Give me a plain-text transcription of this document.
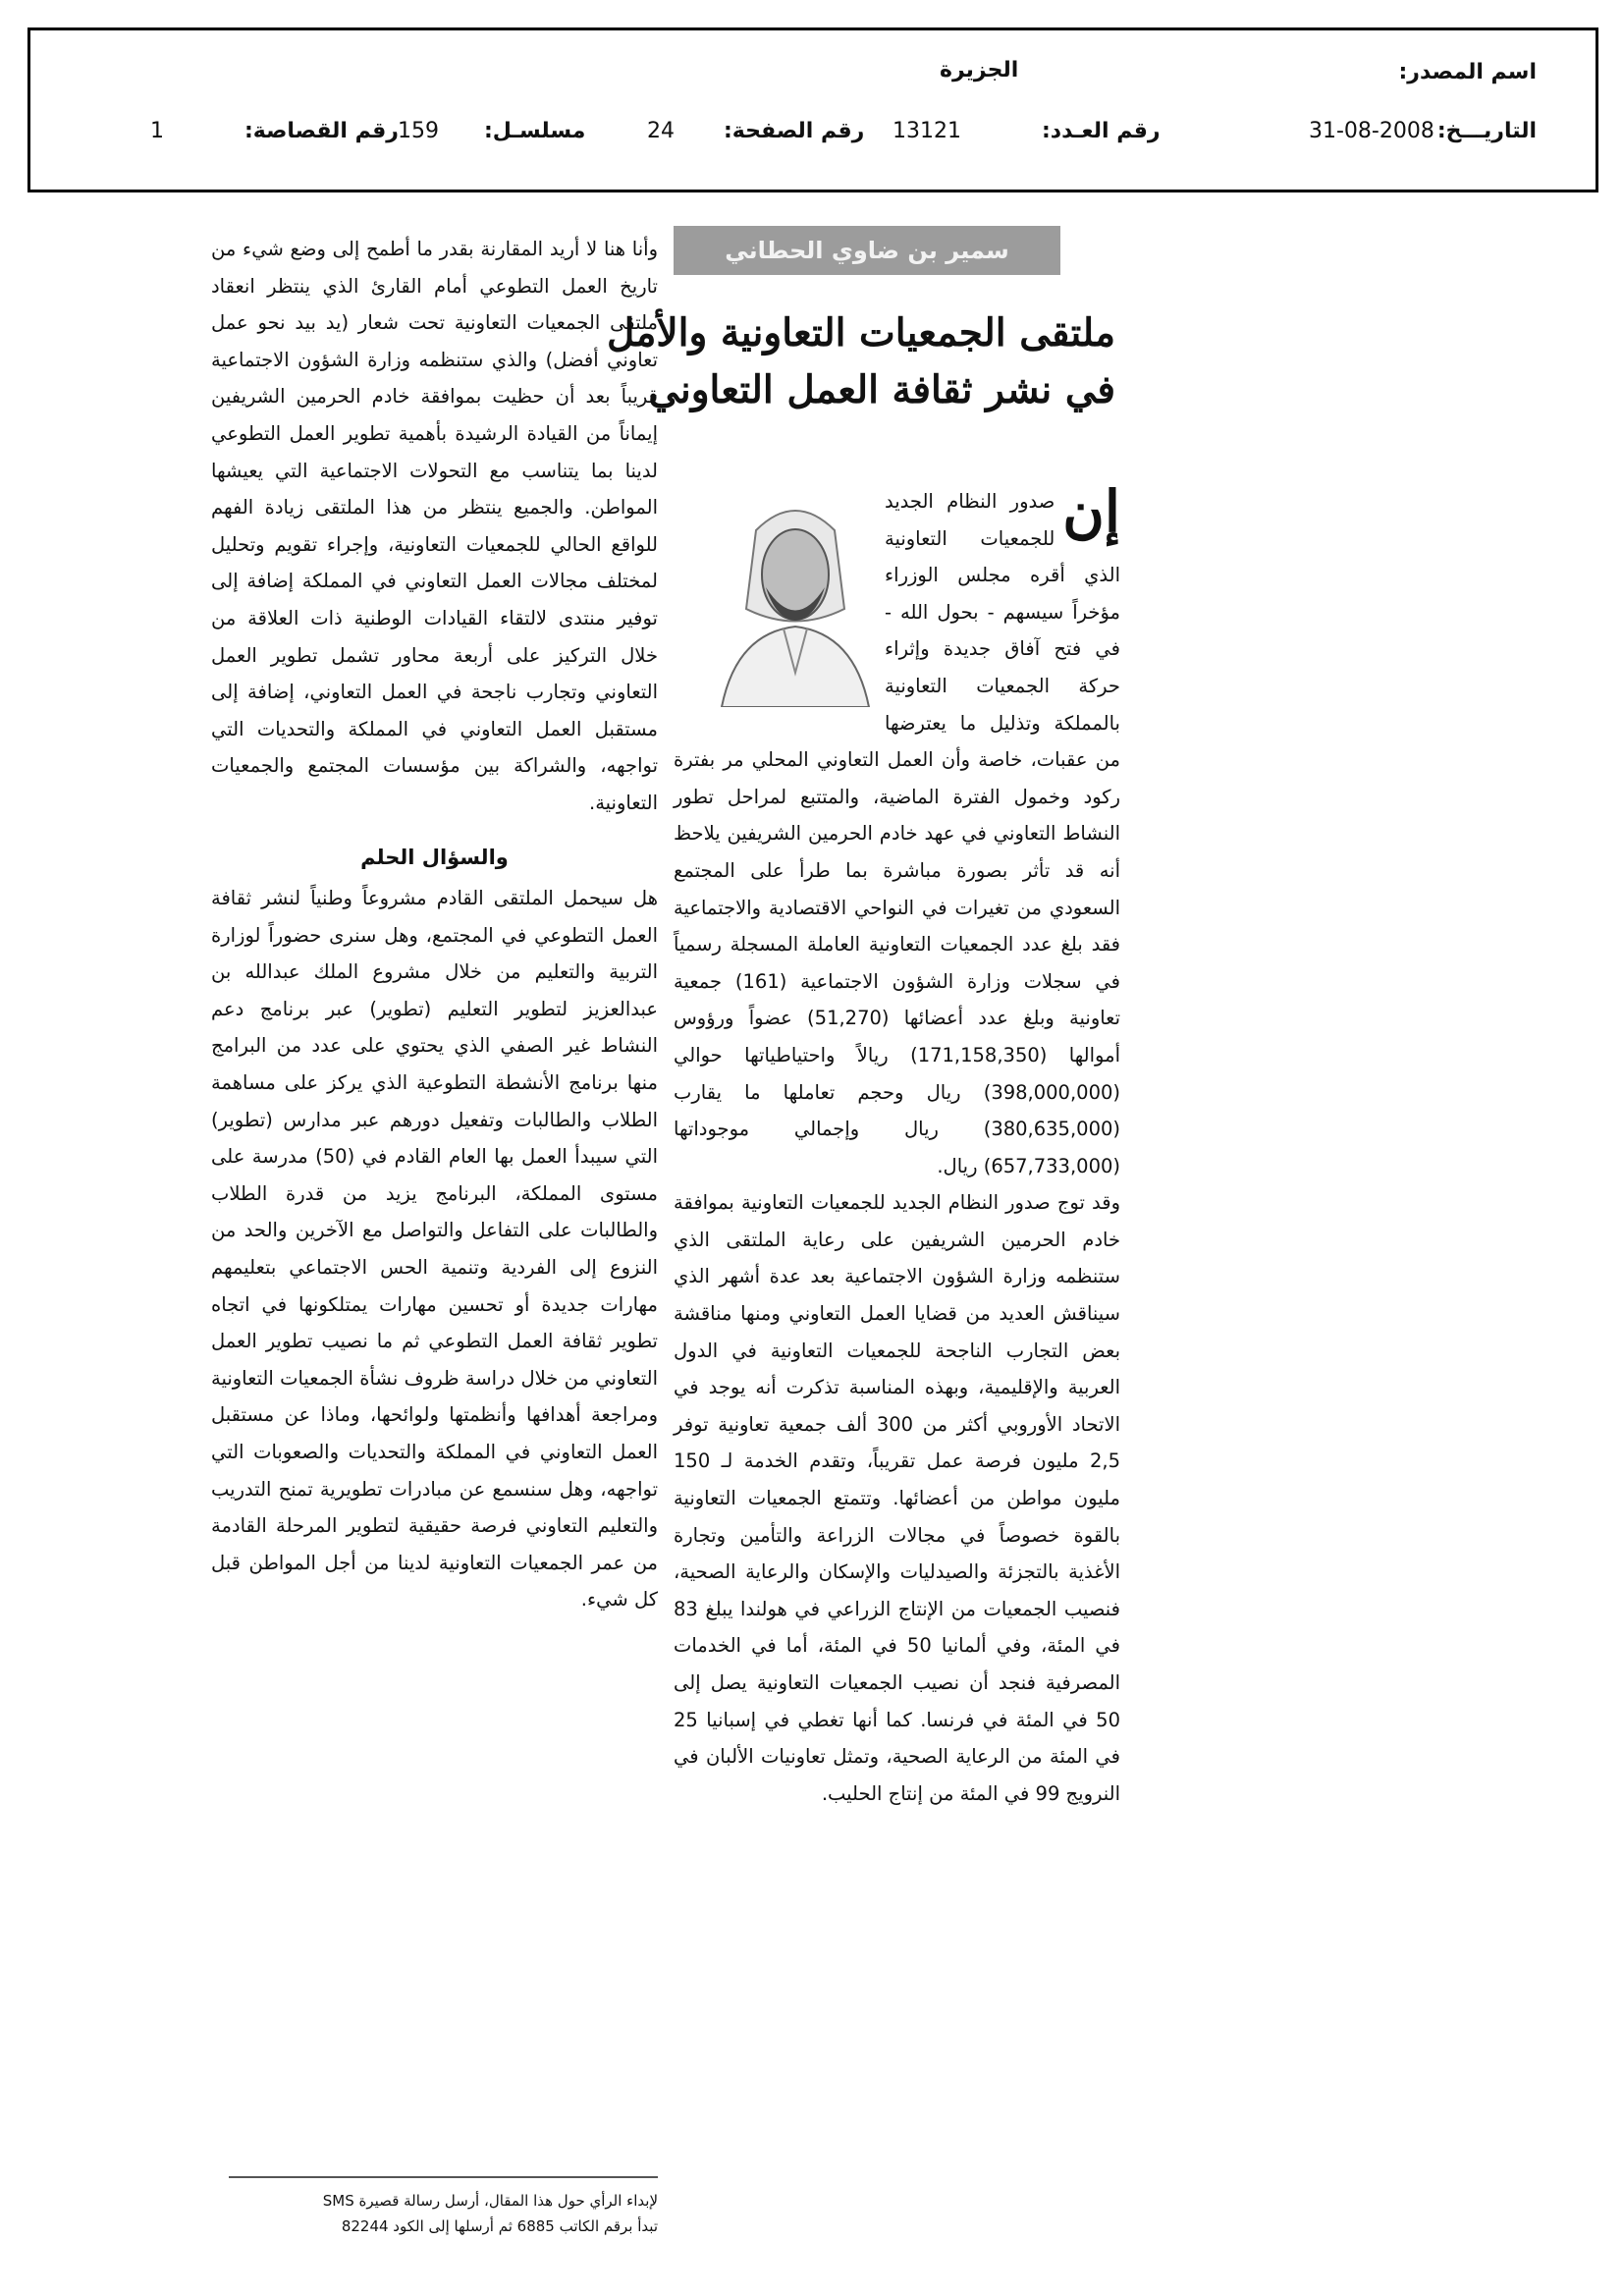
اسم المصدر:
الجزيرة
التاريـــخ:
31-08-2008
رقم العـدد:
13121
رقم الصفحة:
24
مسلسـل:
159
رقم القصاصة:
1
سمير بن ضاوي الحطاني
ملتقى الجمعيات التعاونية والأمل
في نشر ثقافة العمل التعاوني
إن

صدور النظام الجديد للجمعيات التعاونية الذي أقره مجلس الوزراء مؤخراً سيسهم - بحول الله - في فتح آفاق جديدة وإثراء حركة الجمعيات التعاونية بالمملكة وتذليل ما يعترضها من عقبات، خاصة وأن العمل التعاوني المحلي مر بفترة ركود وخمول الفترة الماضية، والمتتبع لمراحل تطور النشاط التعاوني في عهد خادم الحرمين الشريفين يلاحظ أنه قد تأثر بصورة مباشرة بما طرأ على المجتمع السعودي من تغيرات في النواحي الاقتصادية والاجتماعية فقد بلغ عدد الجمعيات التعاونية العاملة المسجلة رسمياً في سجلات وزارة الشؤون الاجتماعية (161) جمعية تعاونية وبلغ عدد أعضائها (51,270) عضواً ورؤوس أموالها (171,158,350) ريالاً واحتياطياتها حوالي (398,000,000) ريال وحجم تعاملها ما يقارب (380,635,000) ريال وإجمالي موجوداتها (657,733,000) ريال.

وقد توج صدور النظام الجديد للجمعيات التعاونية بموافقة خادم الحرمين الشريفين على رعاية الملتقى الذي ستنظمه وزارة الشؤون الاجتماعية بعد عدة أشهر الذي سيناقش العديد من قضايا العمل التعاوني ومنها مناقشة بعض التجارب الناجحة للجمعيات التعاونية في الدول العربية والإقليمية، وبهذه المناسبة تذكرت أنه يوجد في الاتحاد الأوروبي أكثر من 300 ألف جمعية تعاونية توفر 2,5 مليون فرصة عمل تقريباً، وتقدم الخدمة لـ 150 مليون مواطن من أعضائها. وتتمتع الجمعيات التعاونية بالقوة خصوصاً في مجالات الزراعة والتأمين وتجارة الأغذية بالتجزئة والصيدليات والإسكان والرعاية الصحية، فنصيب الجمعيات من الإنتاج الزراعي في هولندا يبلغ 83 في المئة، وفي ألمانيا 50 في المئة، أما في الخدمات المصرفية فنجد أن نصيب الجمعيات التعاونية يصل إلى 50 في المئة في فرنسا. كما أنها تغطي في إسبانيا 25 في المئة من الرعاية الصحية، وتمثل تعاونيات الألبان في النرويج 99 في المئة من إنتاج الحليب.

وأنا هنا لا أريد المقارنة بقدر ما أطمح إلى وضع شيء من تاريخ العمل التطوعي أمام القارئ الذي ينتظر انعقاد ملتقى الجمعيات التعاونية تحت شعار (يد بيد نحو عمل تعاوني أفضل) والذي ستنظمه وزارة الشؤون الاجتماعية قريباً بعد أن حظيت بموافقة خادم الحرمين الشريفين إيماناً من القيادة الرشيدة بأهمية تطوير العمل التطوعي لدينا بما يتناسب مع التحولات الاجتماعية التي يعيشها المواطن. والجميع ينتظر من هذا الملتقى زيادة الفهم للواقع الحالي للجمعيات التعاونية، وإجراء تقويم وتحليل لمختلف مجالات العمل التعاوني في المملكة إضافة إلى توفير منتدى لالتقاء القيادات الوطنية ذات العلاقة من خلال التركيز على أربعة محاور تشمل تطوير العمل التعاوني وتجارب ناجحة في العمل التعاوني، إضافة إلى مستقبل العمل التعاوني في المملكة والتحديات التي تواجهه، والشراكة بين مؤسسات المجتمع والجمعيات التعاونية.

والسؤال الحلم

هل سيحمل الملتقى القادم مشروعاً وطنياً لنشر ثقافة العمل التطوعي في المجتمع، وهل سنرى حضوراً لوزارة التربية والتعليم من خلال مشروع الملك عبدالله بن عبدالعزيز لتطوير التعليم (تطوير) عبر برنامج دعم النشاط غير الصفي الذي يحتوي على عدد من البرامج منها برنامج الأنشطة التطوعية الذي يركز على مساهمة الطلاب والطالبات وتفعيل دورهم عبر مدارس (تطوير) التي سيبدأ العمل بها العام القادم في (50) مدرسة على مستوى المملكة، البرنامج يزيد من قدرة الطلاب والطالبات على التفاعل والتواصل مع الآخرين والحد من النزوع إلى الفردية وتنمية الحس الاجتماعي بتعليمهم مهارات جديدة أو تحسين مهارات يمتلكونها في اتجاه تطوير ثقافة العمل التطوعي ثم ما نصيب تطوير العمل التعاوني من خلال دراسة ظروف نشأة الجمعيات التعاونية ومراجعة أهدافها وأنظمتها ولوائحها، وماذا عن مستقبل العمل التعاوني في المملكة والتحديات والصعوبات التي تواجهه، وهل سنسمع عن مبادرات تطويرية تمنح التدريب والتعليم التعاوني فرصة حقيقية لتطوير المرحلة القادمة من عمر الجمعيات التعاونية لدينا من أجل المواطن قبل كل شيء.

لإبداء الرأي حول هذا المقال، أرسل رسالة قصيرة SMS
تبدأ برقم الكاتب 6885 ثم أرسلها إلى الكود 82244
